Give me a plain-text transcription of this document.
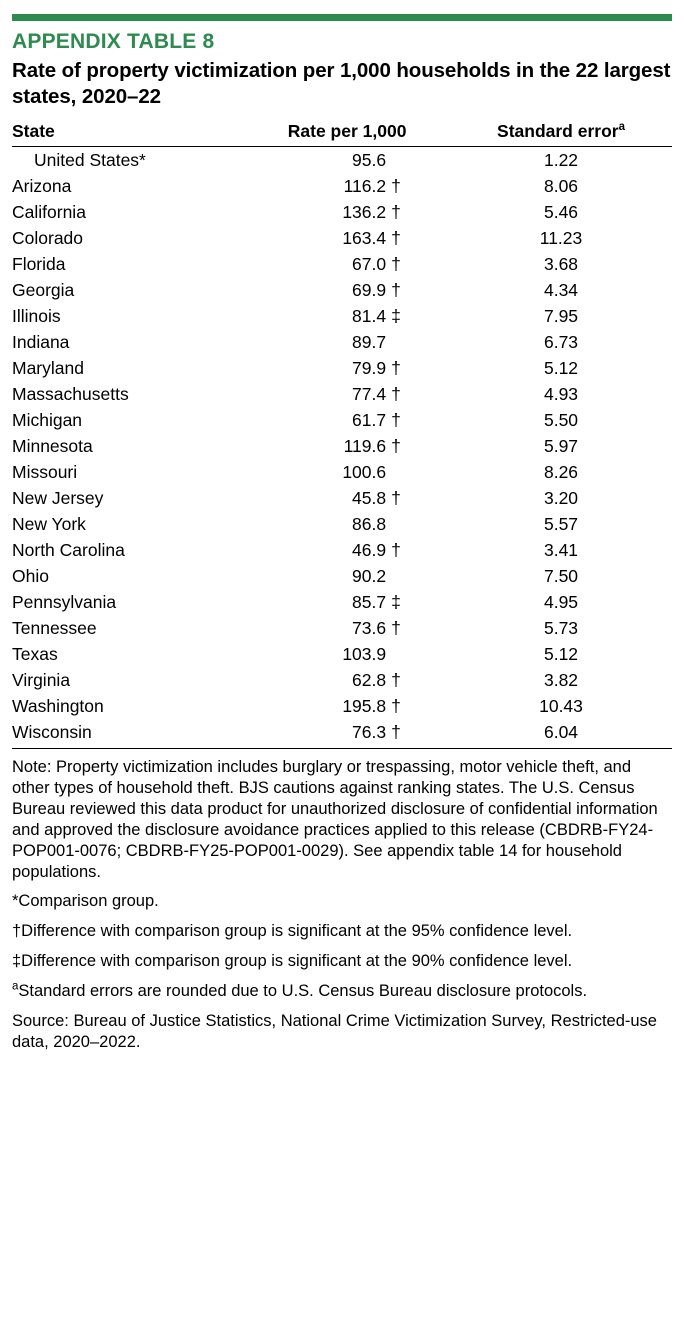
APPENDIX TABLE 8
Rate of property victimization per 1,000 households in the 22 largest states, 2020–22
State	Rate per 1,000	Standard error$^a$
United States*	95.6	1.22
Arizona	116.2 †	8.06
California	136.2 †	5.46
Colorado	163.4 †	11.23
Florida	67.0 †	3.68
Georgia	69.9 †	4.34
Illinois	81.4 ‡	7.95
Indiana	89.7	6.73
Maryland	79.9 †	5.12
Massachusetts	77.4 †	4.93
Michigan	61.7 †	5.50
Minnesota	119.6 †	5.97
Missouri	100.6	8.26
New Jersey	45.8 †	3.20
New York	86.8	5.57
North Carolina	46.9 †	3.41
Ohio	90.2	7.50
Pennsylvania	85.7 ‡	4.95
Tennessee	73.6 †	5.73
Texas	103.9	5.12
Virginia	62.8 †	3.82
Washington	195.8 †	10.43
Wisconsin	76.3 †	6.04

Note: Property victimization includes burglary or trespassing, motor vehicle theft, and other types of household theft. BJS cautions against ranking states. The U.S. Census Bureau reviewed this data product for unauthorized disclosure of confidential information and approved the disclosure avoidance practices applied to this release (CBDRB-FY24-POP001-0076; CBDRB-FY25-POP001-0029). See appendix table 14 for household populations.

*Comparison group.

†Difference with comparison group is significant at the 95% confidence level.

‡Difference with comparison group is significant at the 90% confidence level.

$^a$Standard errors are rounded due to U.S. Census Bureau disclosure protocols.

Source: Bureau of Justice Statistics, National Crime Victimization Survey, Restricted-use data, 2020–2022.
